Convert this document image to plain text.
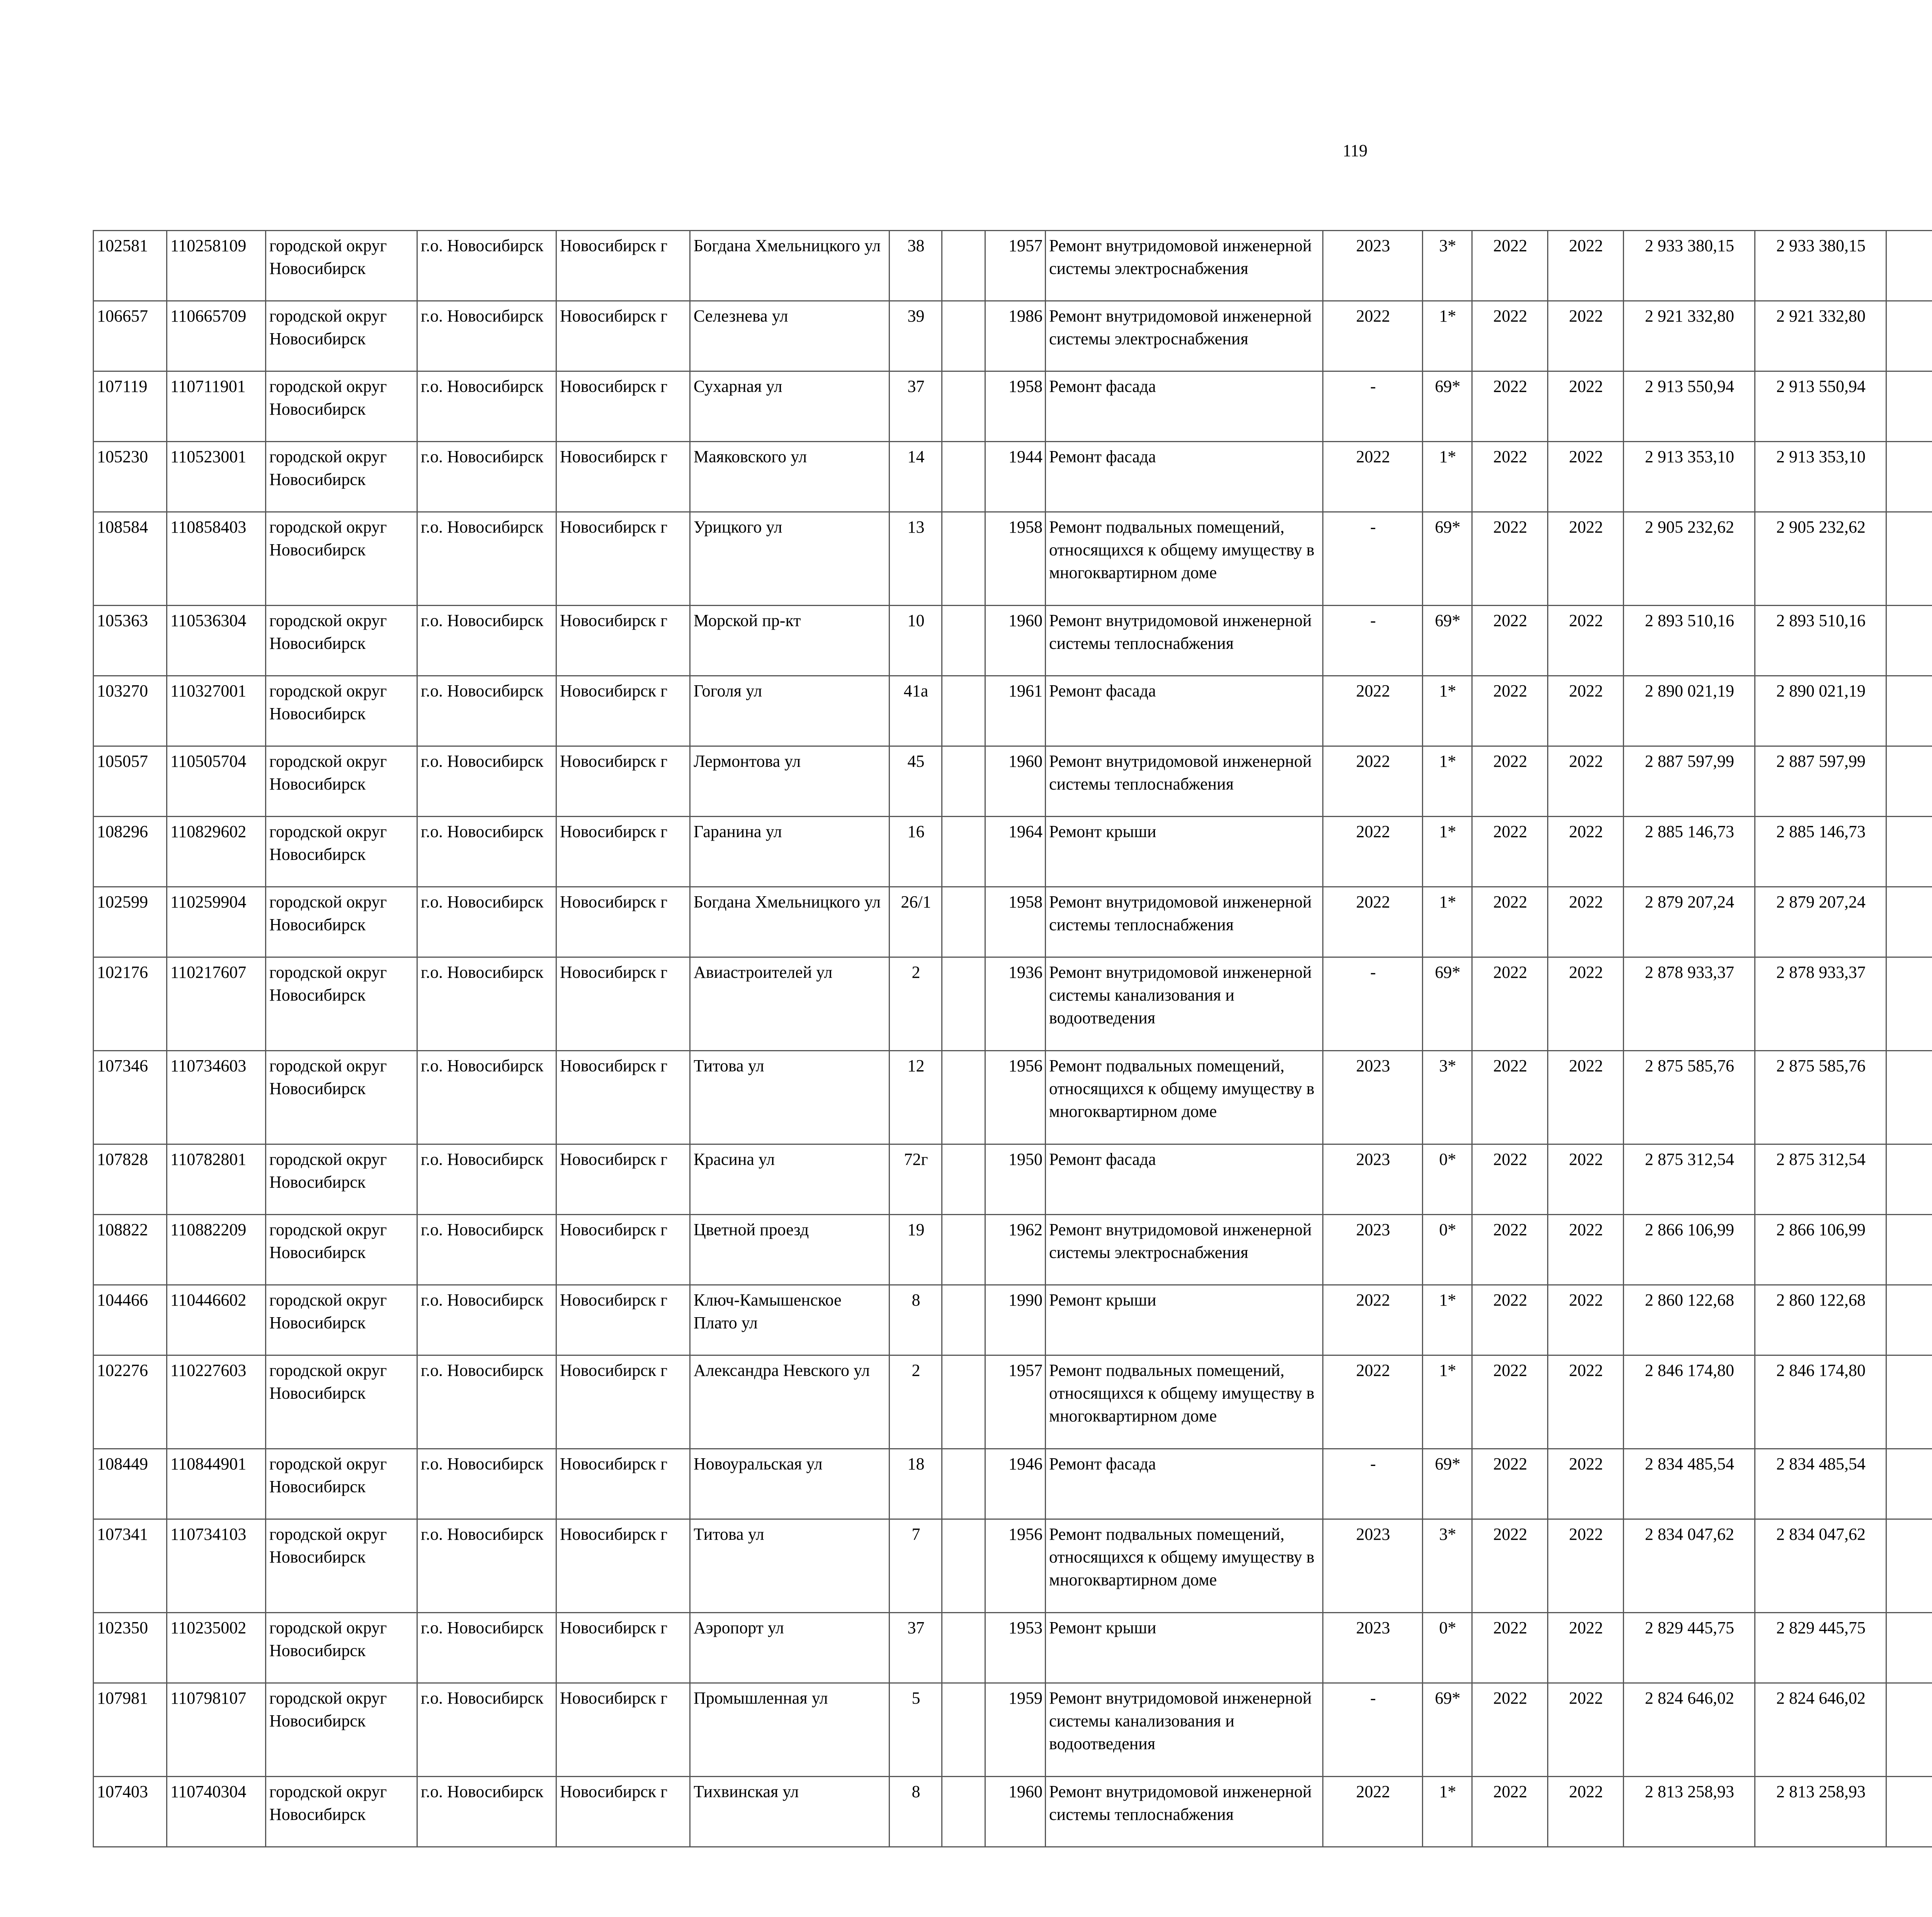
119
102581	110258109	городской округ Новосибирск	г.о. Новосибирск	Новосибирск г	Богдана Хмельницкого ул	38		1957	Ремонт внутридомовой инженерной системы электроснабжения	2023	3*	2022	2022	2 933 380,15	2 933 380,15						
106657	110665709	городской округ Новосибирск	г.о. Новосибирск	Новосибирск г	Селезнева ул	39		1986	Ремонт внутридомовой инженерной системы электроснабжения	2022	1*	2022	2022	2 921 332,80	2 921 332,80						
107119	110711901	городской округ Новосибирск	г.о. Новосибирск	Новосибирск г	Сухарная ул	37		1958	Ремонт фасада	-	69*	2022	2022	2 913 550,94	2 913 550,94						
105230	110523001	городской округ Новосибирск	г.о. Новосибирск	Новосибирск г	Маяковского ул	14		1944	Ремонт фасада	2022	1*	2022	2022	2 913 353,10	2 913 353,10						
108584	110858403	городской округ Новосибирск	г.о. Новосибирск	Новосибирск г	Урицкого ул	13		1958	Ремонт подвальных помещений, относящихся к общему имуществу в многоквартирном доме	-	69*	2022	2022	2 905 232,62	2 905 232,62						
105363	110536304	городской округ Новосибирск	г.о. Новосибирск	Новосибирск г	Морской пр-кт	10		1960	Ремонт внутридомовой инженерной системы теплоснабжения	-	69*	2022	2022	2 893 510,16	2 893 510,16						
103270	110327001	городской округ Новосибирск	г.о. Новосибирск	Новосибирск г	Гоголя ул	41а		1961	Ремонт фасада	2022	1*	2022	2022	2 890 021,19	2 890 021,19						
105057	110505704	городской округ Новосибирск	г.о. Новосибирск	Новосибирск г	Лермонтова ул	45		1960	Ремонт внутридомовой инженерной системы теплоснабжения	2022	1*	2022	2022	2 887 597,99	2 887 597,99						
108296	110829602	городской округ Новосибирск	г.о. Новосибирск	Новосибирск г	Гаранина ул	16		1964	Ремонт крыши	2022	1*	2022	2022	2 885 146,73	2 885 146,73						
102599	110259904	городской округ Новосибирск	г.о. Новосибирск	Новосибирск г	Богдана Хмельницкого ул	26/1		1958	Ремонт внутридомовой инженерной системы теплоснабжения	2022	1*	2022	2022	2 879 207,24	2 879 207,24						
102176	110217607	городской округ Новосибирск	г.о. Новосибирск	Новосибирск г	Авиастроителей ул	2		1936	Ремонт внутридомовой инженерной системы канализования и водоотведения	-	69*	2022	2022	2 878 933,37	2 878 933,37						
107346	110734603	городской округ Новосибирск	г.о. Новосибирск	Новосибирск г	Титова ул	12		1956	Ремонт подвальных помещений, относящихся к общему имуществу в многоквартирном доме	2023	3*	2022	2022	2 875 585,76	2 875 585,76						
107828	110782801	городской округ Новосибирск	г.о. Новосибирск	Новосибирск г	Красина ул	72г		1950	Ремонт фасада	2023	0*	2022	2022	2 875 312,54	2 875 312,54						
108822	110882209	городской округ Новосибирск	г.о. Новосибирск	Новосибирск г	Цветной проезд	19		1962	Ремонт внутридомовой инженерной системы электроснабжения	2023	0*	2022	2022	2 866 106,99	2 866 106,99						
104466	110446602	городской округ Новосибирск	г.о. Новосибирск	Новосибирск г	Ключ-Камышенское Плато ул	8		1990	Ремонт крыши	2022	1*	2022	2022	2 860 122,68	2 860 122,68						
102276	110227603	городской округ Новосибирск	г.о. Новосибирск	Новосибирск г	Александра Невского ул	2		1957	Ремонт подвальных помещений, относящихся к общему имуществу в многоквартирном доме	2022	1*	2022	2022	2 846 174,80	2 846 174,80						
108449	110844901	городской округ Новосибирск	г.о. Новосибирск	Новосибирск г	Новоуральская ул	18		1946	Ремонт фасада	-	69*	2022	2022	2 834 485,54	2 834 485,54						
107341	110734103	городской округ Новосибирск	г.о. Новосибирск	Новосибирск г	Титова ул	7		1956	Ремонт подвальных помещений, относящихся к общему имуществу в многоквартирном доме	2023	3*	2022	2022	2 834 047,62	2 834 047,62						
102350	110235002	городской округ Новосибирск	г.о. Новосибирск	Новосибирск г	Аэропорт ул	37		1953	Ремонт крыши	2023	0*	2022	2022	2 829 445,75	2 829 445,75						
107981	110798107	городской округ Новосибирск	г.о. Новосибирск	Новосибирск г	Промышленная ул	5		1959	Ремонт внутридомовой инженерной системы канализования и водоотведения	-	69*	2022	2022	2 824 646,02	2 824 646,02						
107403	110740304	городской округ Новосибирск	г.о. Новосибирск	Новосибирск г	Тихвинская ул	8		1960	Ремонт внутридомовой инженерной системы теплоснабжения	2022	1*	2022	2022	2 813 258,93	2 813 258,93						
